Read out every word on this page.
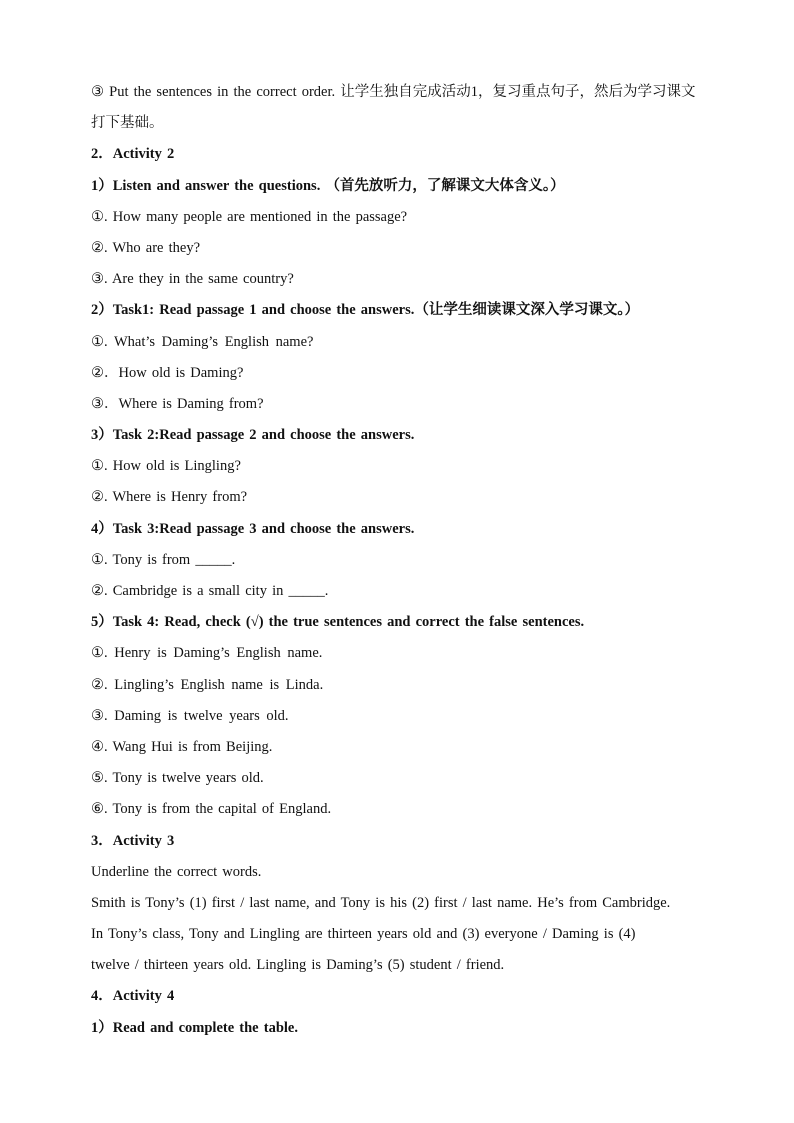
③ Put the sentences in the correct order. 让学生独自完成活动1，复习重点句子，然后为学习课文
打下基础。
2．Activity 2
1）Listen and answer the questions. （首先放听力，了解课文大体含义。）
①. How many people are mentioned in the passage?
②. Who are they?
③. Are they in the same country?
2）Task1: Read passage 1 and choose the answers.（让学生细读课文深入学习课文。）
①. What’s Daming’s English name?
②．How old is Daming?
③．Where is Daming from?
3）Task 2:Read passage 2 and choose the answers.
①. How old is Lingling?
②. Where is Henry from?
4）Task 3:Read passage 3 and choose the answers.
①. Tony is from _____.
②. Cambridge is a small city in _____.
5）Task 4: Read, check (√) the true sentences and correct the false sentences.
①. Henry is Daming’s English name.
②. Lingling’s English name is Linda.
③. Daming is twelve years old.
④. Wang Hui is from Beijing.
⑤. Tony is twelve years old.
⑥. Tony is from the capital of England.
3．Activity 3
Underline the correct words.
Smith is Tony’s (1) first / last name, and Tony is his (2) first / last name. He’s from Cambridge.
In Tony’s class, Tony and Lingling are thirteen years old and (3) everyone / Daming is (4)
twelve / thirteen years old. Lingling is Daming’s (5) student / friend.
4．Activity 4
1）Read and complete the table.
